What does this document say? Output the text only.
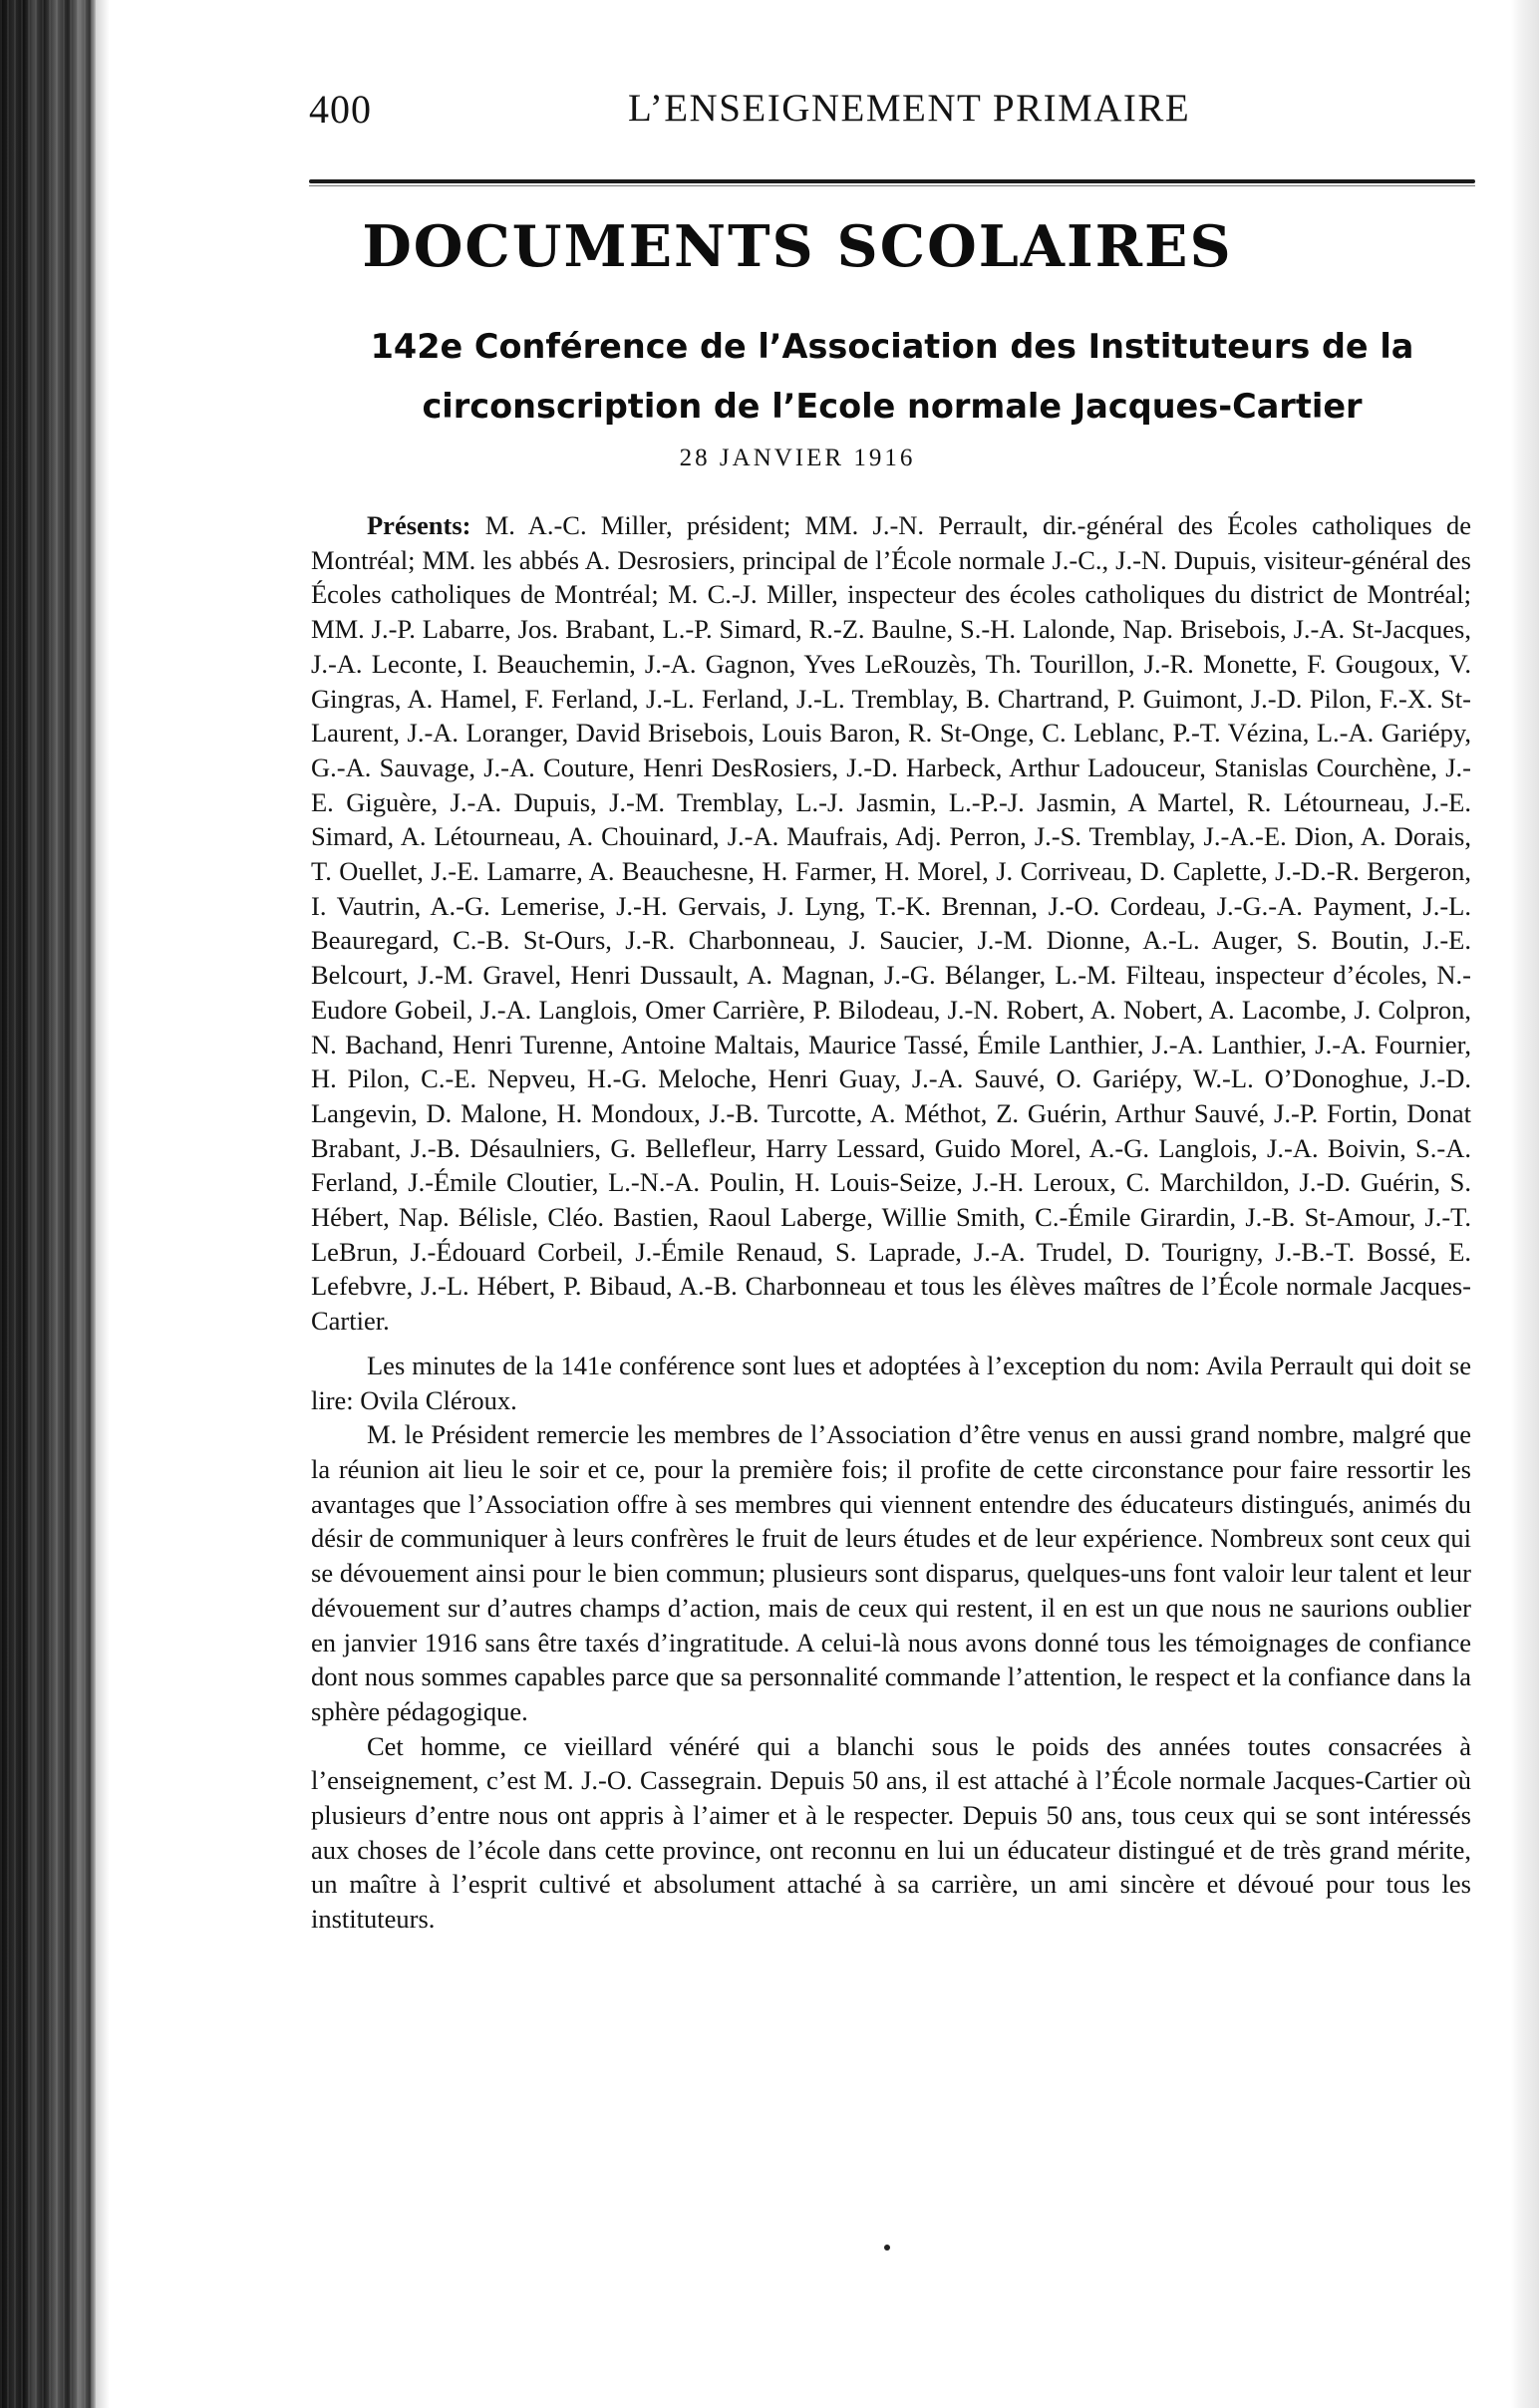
400	L’ENSEIGNEMENT PRIMAIRE
DOCUMENTS SCOLAIRES
142e Conférence de l’Association des Instituteurs de la circonscription de l’Ecole normale Jacques-Cartier
28 JANVIER 1916

Présents: M. A.-C. Miller, président; MM. J.-N. Perrault, dir.-général des Écoles catholiques de Montréal; MM. les abbés A. Desrosiers, principal de l’École normale J.-C., J.-N. Dupuis, visiteur-général des Écoles catholiques de Montréal; M. C.-J. Miller, inspecteur des écoles catholiques du district de Montréal; MM. J.-P. Labarre, Jos. Brabant, L.-P. Simard, R.-Z. Baulne, S.-H. Lalonde, Nap. Brisebois, J.-A. St-Jacques, J.-A. Leconte, I. Beauchemin, J.-A. Gagnon, Yves LeRouzès, Th. Tourillon, J.-R. Monette, F. Gougoux, V. Gingras, A. Hamel, F. Ferland, J.-L. Ferland, J.-L. Tremblay, B. Chartrand, P. Guimont, J.-D. Pilon, F.-X. St-Laurent, J.-A. Loranger, David Brisebois, Louis Baron, R. St-Onge, C. Leblanc, P.-T. Vézina, L.-A. Gariépy, G.-A. Sauvage, J.-A. Couture, Henri DesRosiers, J.-D. Harbeck, Arthur Ladouceur, Stanislas Courchène, J.-E. Giguère, J.-A. Dupuis, J.-M. Tremblay, L.-J. Jasmin, L.-P.-J. Jasmin, A Martel, R. Létourneau, J.-E. Simard, A. Létourneau, A. Chouinard, J.-A. Maufrais, Adj. Perron, J.-S. Tremblay, J.-A.-E. Dion, A. Dorais, T. Ouellet, J.-E. Lamarre, A. Beauchesne, H. Farmer, H. Morel, J. Corriveau, D. Caplette, J.-D.-R. Bergeron, I. Vautrin, A.-G. Lemerise, J.-H. Gervais, J. Lyng, T.-K. Brennan, J.-O. Cordeau, J.-G.-A. Payment, J.-L. Beauregard, C.-B. St-Ours, J.-R. Charbonneau, J. Saucier, J.-M. Dionne, A.-L. Auger, S. Boutin, J.-E. Belcourt, J.-M. Gravel, Henri Dussault, A. Magnan, J.-G. Bélanger, L.-M. Filteau, inspecteur d’écoles, N.-Eudore Gobeil, J.-A. Langlois, Omer Carrière, P. Bilodeau, J.-N. Robert, A. Nobert, A. Lacombe, J. Colpron, N. Bachand, Henri Turenne, Antoine Maltais, Maurice Tassé, Émile Lanthier, J.-A. Lanthier, J.-A. Fournier, H. Pilon, C.-E. Nepveu, H.-G. Meloche, Henri Guay, J.-A. Sauvé, O. Gariépy, W.-L. O’Donoghue, J.-D. Langevin, D. Malone, H. Mondoux, J.-B. Turcotte, A. Méthot, Z. Guérin, Arthur Sauvé, J.-P. Fortin, Donat Brabant, J.-B. Désaulniers, G. Bellefleur, Harry Lessard, Guido Morel, A.-G. Langlois, J.-A. Boivin, S.-A. Ferland, J.-Émile Cloutier, L.-N.-A. Poulin, H. Louis-Seize, J.-H. Leroux, C. Marchildon, J.-D. Guérin, S. Hébert, Nap. Bélisle, Cléo. Bastien, Raoul Laberge, Willie Smith, C.-Émile Girardin, J.-B. St-Amour, J.-T. LeBrun, J.-Édouard Corbeil, J.-Émile Renaud, S. Laprade, J.-A. Trudel, D. Tourigny, J.-B.-T. Bossé, E. Lefebvre, J.-L. Hébert, P. Bibaud, A.-B. Charbonneau et tous les élèves maîtres de l’École normale Jacques-Cartier.

Les minutes de la 141e conférence sont lues et adoptées à l’exception du nom: Avila Perrault qui doit se lire: Ovila Cléroux.

M. le Président remercie les membres de l’Association d’être venus en aussi grand nombre, malgré que la réunion ait lieu le soir et ce, pour la première fois; il profite de cette circonstance pour faire ressortir les avantages que l’Association offre à ses membres qui viennent entendre des éducateurs distingués, animés du désir de communiquer à leurs confrères le fruit de leurs études et de leur expérience. Nombreux sont ceux qui se dévouement ainsi pour le bien commun; plusieurs sont disparus, quelques-uns font valoir leur talent et leur dévouement sur d’autres champs d’action, mais de ceux qui restent, il en est un que nous ne saurions oublier en janvier 1916 sans être taxés d’ingratitude. A celui-là nous avons donné tous les témoignages de confiance dont nous sommes capables parce que sa personnalité commande l’attention, le respect et la confiance dans la sphère pédagogique.

Cet homme, ce vieillard vénéré qui a blanchi sous le poids des années toutes consacrées à l’enseignement, c’est M. J.-O. Cassegrain. Depuis 50 ans, il est attaché à l’École normale Jacques-Cartier où plusieurs d’entre nous ont appris à l’aimer et à le respecter. Depuis 50 ans, tous ceux qui se sont intéressés aux choses de l’école dans cette province, ont reconnu en lui un éducateur distingué et de très grand mérite, un maître à l’esprit cultivé et absolument attaché à sa carrière, un ami sincère et dévoué pour tous les instituteurs.
